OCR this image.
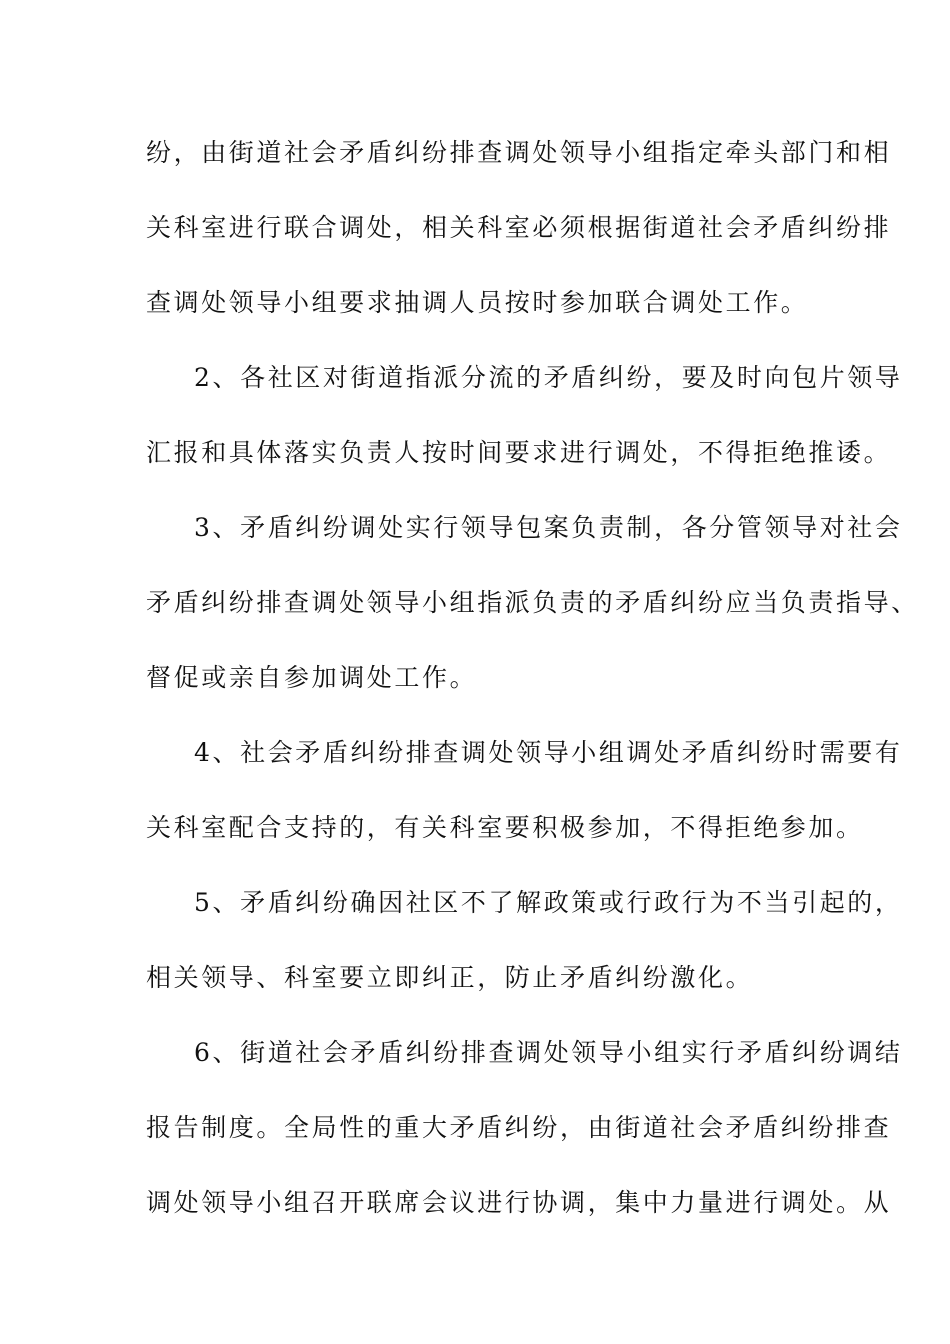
纷，由街道社会矛盾纠纷排查调处领导小组指定牵头部门和相
关科室进行联合调处，相关科室必须根据街道社会矛盾纠纷排
查调处领导小组要求抽调人员按时参加联合调处工作。
2、各社区对街道指派分流的矛盾纠纷，要及时向包片领导
汇报和具体落实负责人按时间要求进行调处，不得拒绝推诿。
3、矛盾纠纷调处实行领导包案负责制，各分管领导对社会
矛盾纠纷排查调处领导小组指派负责的矛盾纠纷应当负责指导、
督促或亲自参加调处工作。
4、社会矛盾纠纷排查调处领导小组调处矛盾纠纷时需要有
关科室配合支持的，有关科室要积极参加，不得拒绝参加。
5、矛盾纠纷确因社区不了解政策或行政行为不当引起的，
相关领导、科室要立即纠正，防止矛盾纠纷激化。
6、街道社会矛盾纠纷排查调处领导小组实行矛盾纠纷调结
报告制度。全局性的重大矛盾纠纷，由街道社会矛盾纠纷排查
调处领导小组召开联席会议进行协调，集中力量进行调处。从
